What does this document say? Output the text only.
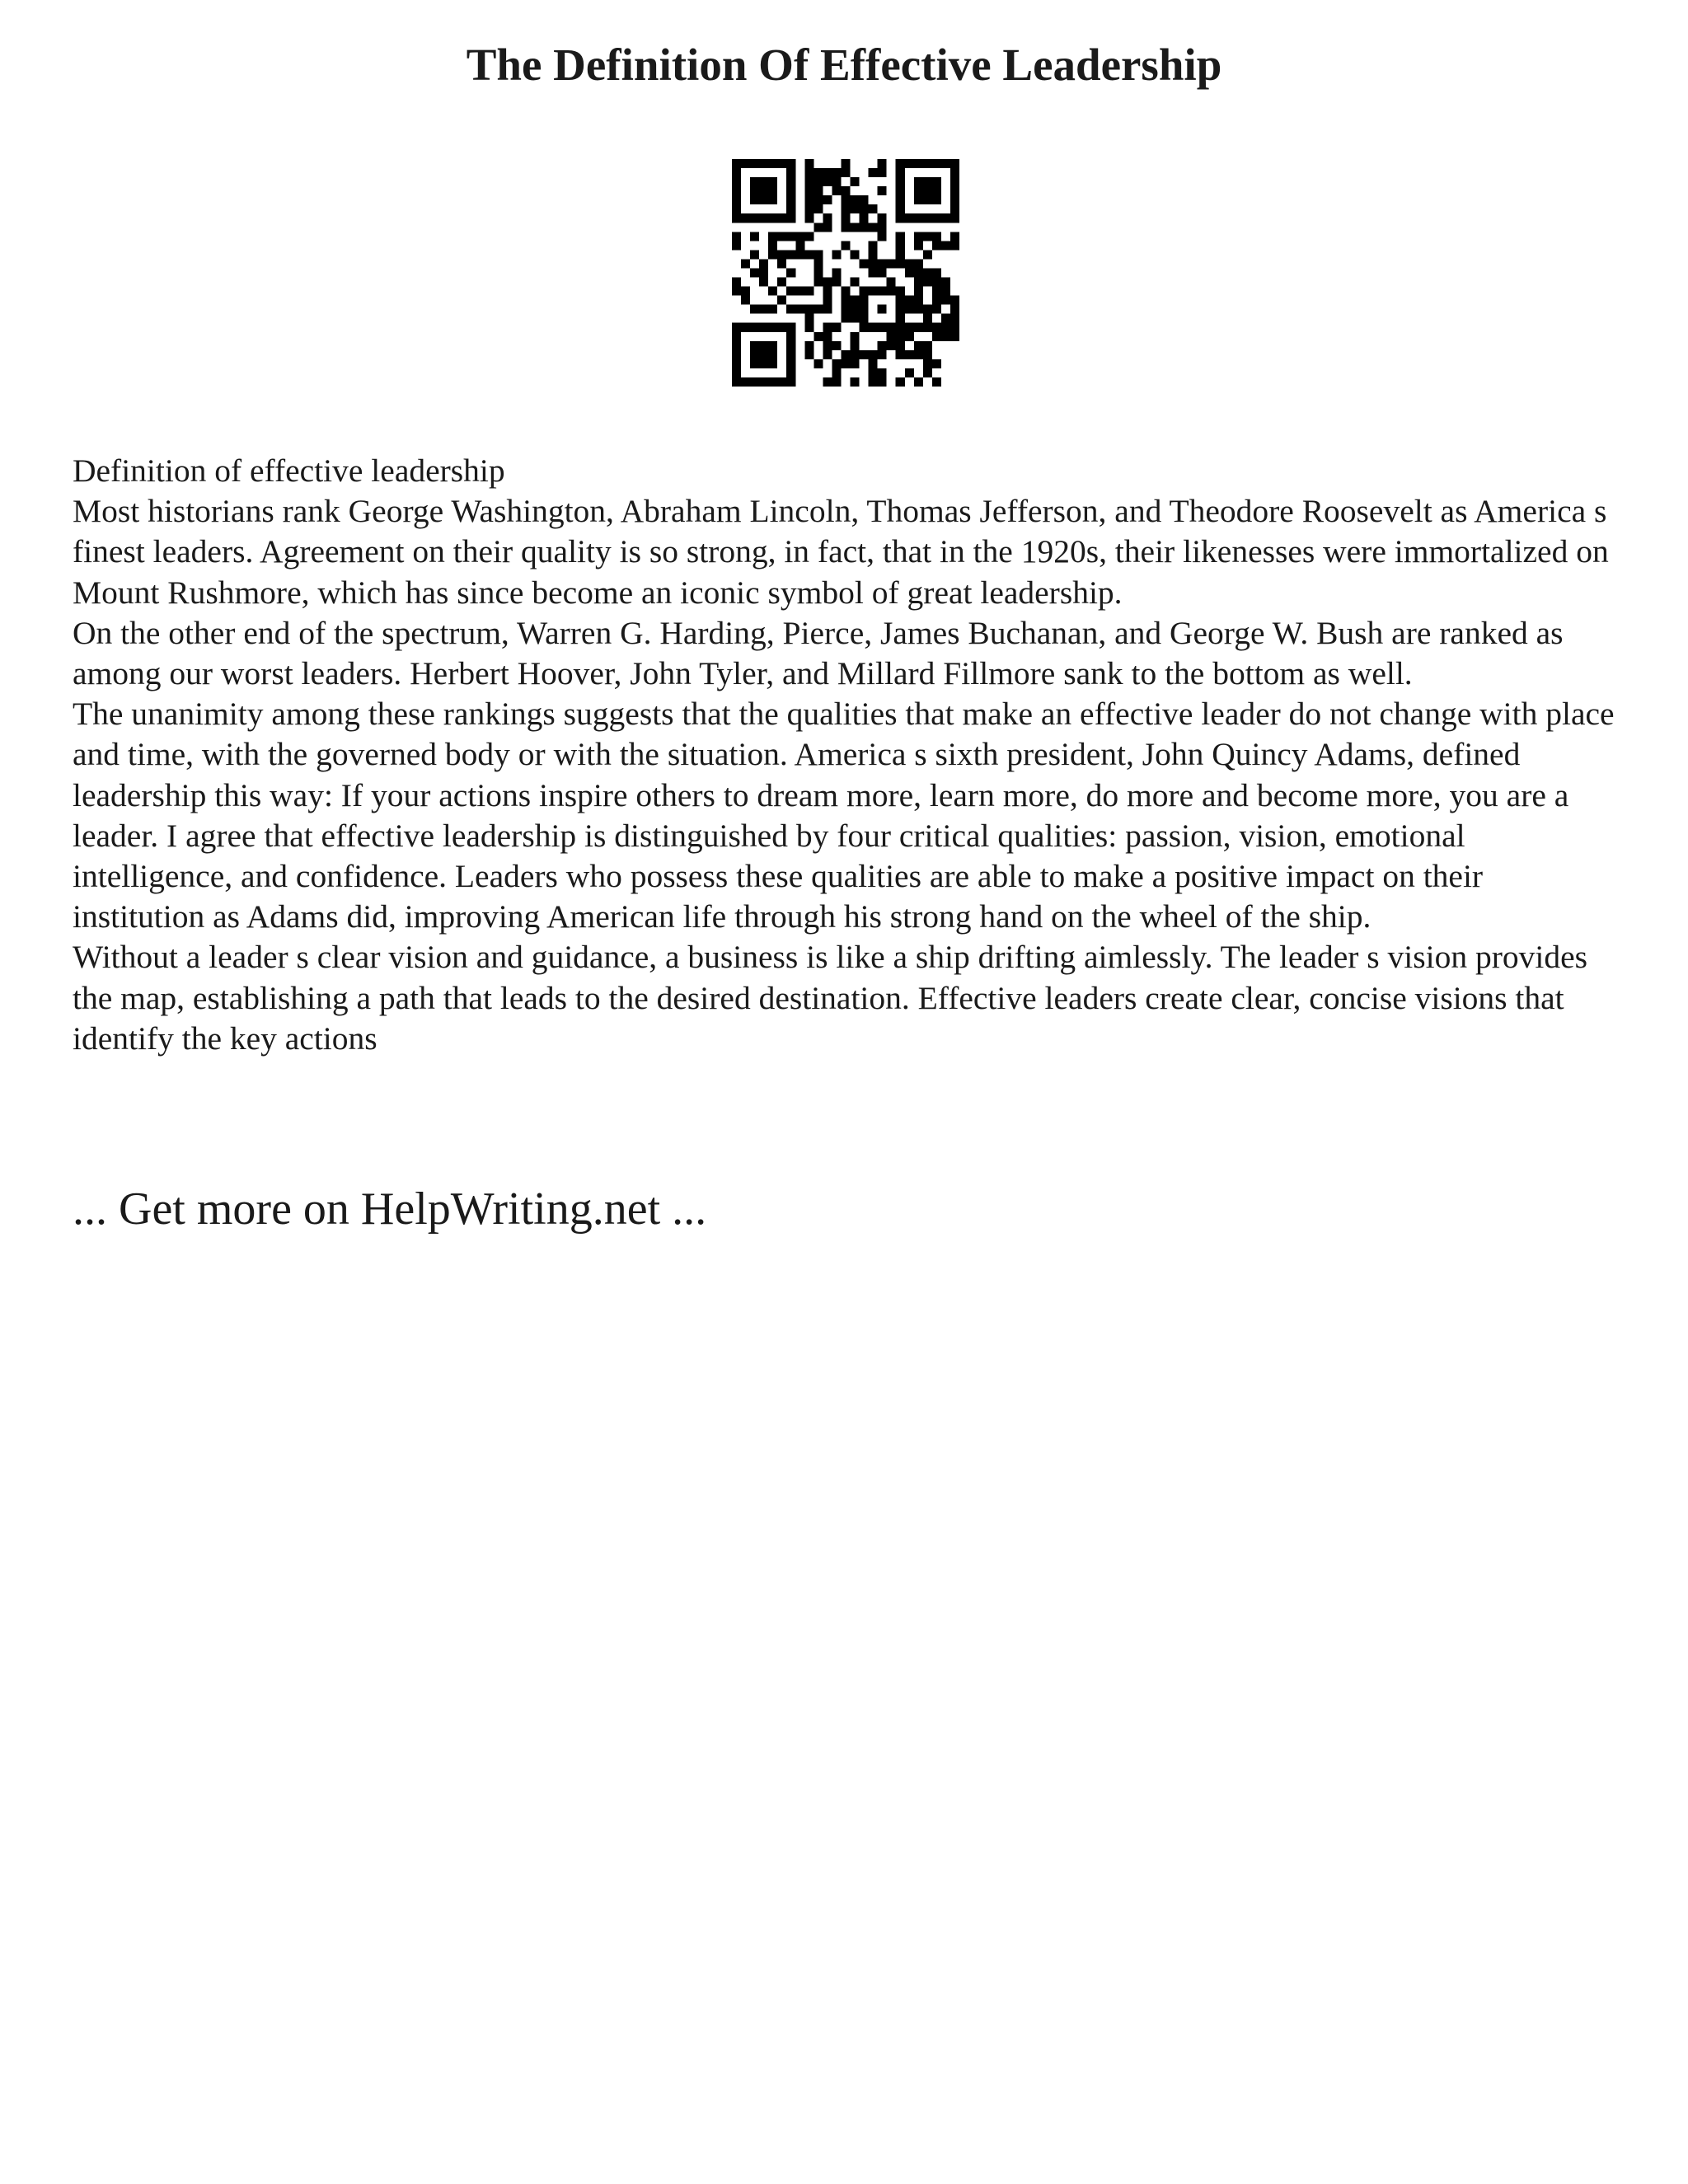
The Definition Of Effective Leadership

Definition of effective leadership

Most historians rank George Washington, Abraham Lincoln, Thomas Jefferson, and Theodore Roosevelt as America s finest leaders. Agreement on their quality is so strong, in fact, that in the 1920s, their likenesses were immortalized on Mount Rushmore, which has since become an iconic symbol of great leadership.

On the other end of the spectrum, Warren G. Harding, Pierce, James Buchanan, and George W. Bush are ranked as among our worst leaders. Herbert Hoover, John Tyler, and Millard Fillmore sank to the bottom as well.

The unanimity among these rankings suggests that the qualities that make an effective leader do not change with place and time, with the governed body or with the situation. America s sixth president, John Quincy Adams, defined leadership this way: If your actions inspire others to dream more, learn more, do more and become more, you are a leader. I agree that effective leadership is distinguished by four critical qualities: passion, vision, emotional intelligence, and confidence. Leaders who possess these qualities are able to make a positive impact on their institution as Adams did, improving American life through his strong hand on the wheel of the ship.

Without a leader s clear vision and guidance, a business is like a ship drifting aimlessly. The leader s vision provides the map, establishing a path that leads to the desired destination. Effective leaders create clear, concise visions that identify the key actions

... Get more on HelpWriting.net ...
